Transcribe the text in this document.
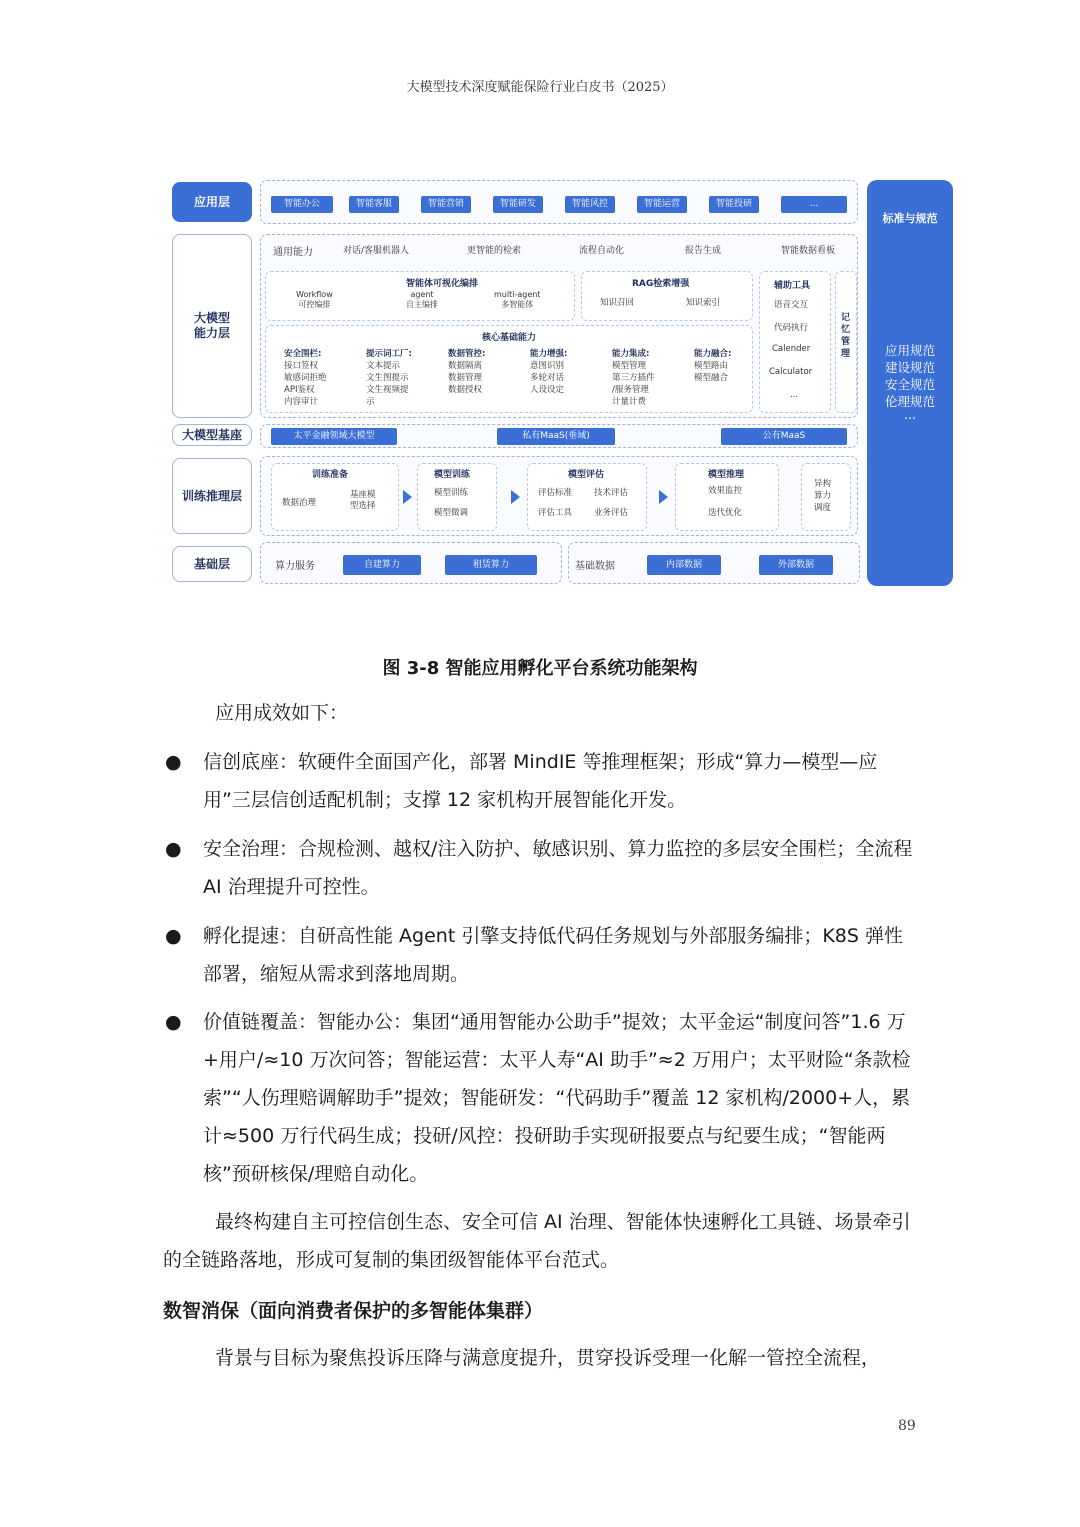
大模型技术深度赋能保险行业白皮书（2025）
应用层
大模型
能力层
大模型基座
训练推理层
基础层
智能办公	智能客服	智能营销	智能研发	智能风控	智能运营	智能投研	...
通用能力	对话/客服机器人	更智能的检索	流程自动化	报告生成	智能数据看板
智能体可视化编排
Workflow
可控编排
agent
自主编排
multi-agent
多智能体
RAG检索增强
知识召回	知识索引
辅助工具
语音交互
代码执行
Calender
Calculator
...
记忆管理
核心基础能力
安全围栏:
接口签权
敏感词拒绝
API鉴权
内容审计
提示词工厂:
文本提示
文生图提示
文生视频提
示
数据管控:
数据隔离
数据管理
数据授权
能力增强:
意图识别
多轮对话
人设设定
能力集成:
模型管理
第三方插件
/服务管理
计量计费
能力融合:
模型路由
模型融合
太平金融领域大模型	私有MaaS(垂域)	公有MaaS
训练准备
数据治理
基座模
型选择
模型训练
模型训练
模型微调
模型评估
评估标准	技术评估
评估工具	业务评估
模型推理
效果监控
迭代优化
异构
算力
调度
算力服务	自建算力	租赁算力	基础数据	内部数据	外部数据
标准与规范
应用规范
建设规范
安全规范
伦理规范
...
图 3-8 智能应用孵化平台系统功能架构
应用成效如下：
● 信创底座：软硬件全面国产化，部署 MindIE 等推理框架；形成“算力—模型—应用”三层信创适配机制；支撑 12 家机构开展智能化开发。
● 安全治理：合规检测、越权/注入防护、敏感识别、算力监控的多层安全围栏；全流程 AI 治理提升可控性。
● 孵化提速：自研高性能 Agent 引擎支持低代码任务规划与外部服务编排；K8S 弹性部署，缩短从需求到落地周期。
● 价值链覆盖：智能办公：集团“通用智能办公助手”提效；太平金运“制度问答”1.6 万+用户/≈10 万次问答；智能运营：太平人寿“AI 助手”≈2 万用户；太平财险“条款检索”“人伤理赔调解助手”提效；智能研发：“代码助手”覆盖 12 家机构/2000+人，累计≈500 万行代码生成；投研/风控：投研助手实现研报要点与纪要生成；“智能两核”预研核保/理赔自动化。
最终构建自主可控信创生态、安全可信 AI 治理、智能体快速孵化工具链、场景牵引的全链路落地，形成可复制的集团级智能体平台范式。
数智消保（面向消费者保护的多智能体集群）
背景与目标为聚焦投诉压降与满意度提升，贯穿投诉受理一化解一管控全流程，
89
